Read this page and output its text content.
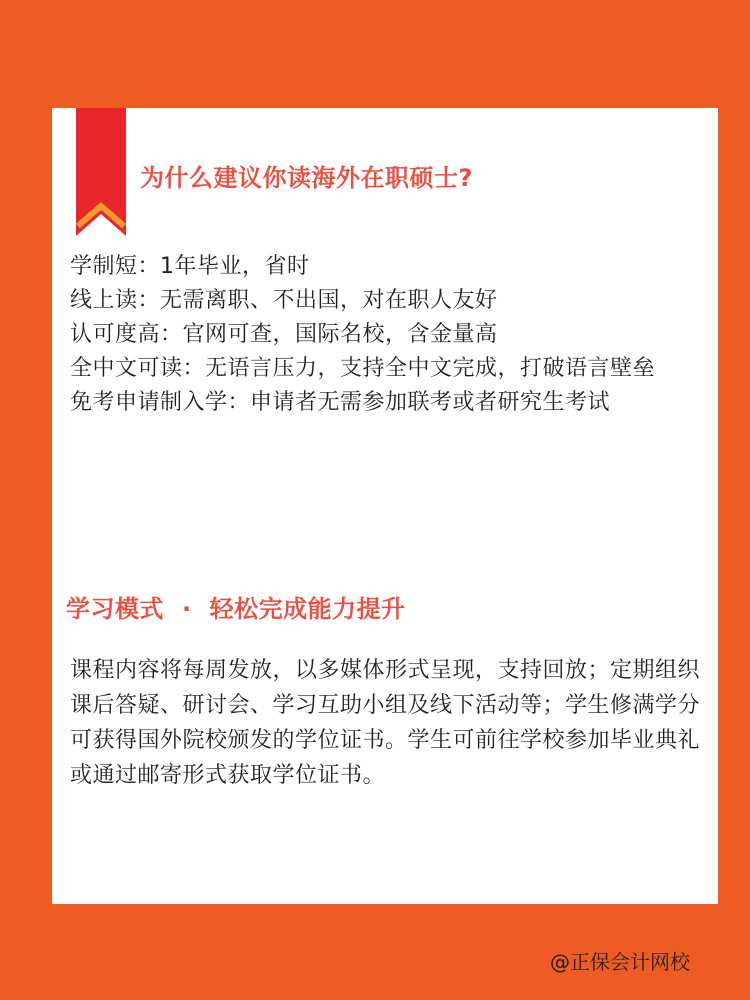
为什么建议你读海外在职硕士?
学制短：1年毕业，省时
线上读：无需离职、不出国，对在职人友好
认可度高：官网可查，国际名校，含金量高
全中文可读：无语言压力，支持全中文完成，打破语言壁垒
免考申请制入学：申请者无需参加联考或者研究生考试
学习模式 · 轻松完成能力提升

课程内容将每周发放，以多媒体形式呈现，支持回放；定期组织课后答疑、研讨会、学习互助小组及线下活动等；学生修满学分可获得国外院校颁发的学位证书。学生可前往学校参加毕业典礼或通过邮寄形式获取学位证书。

@正保会计网校
